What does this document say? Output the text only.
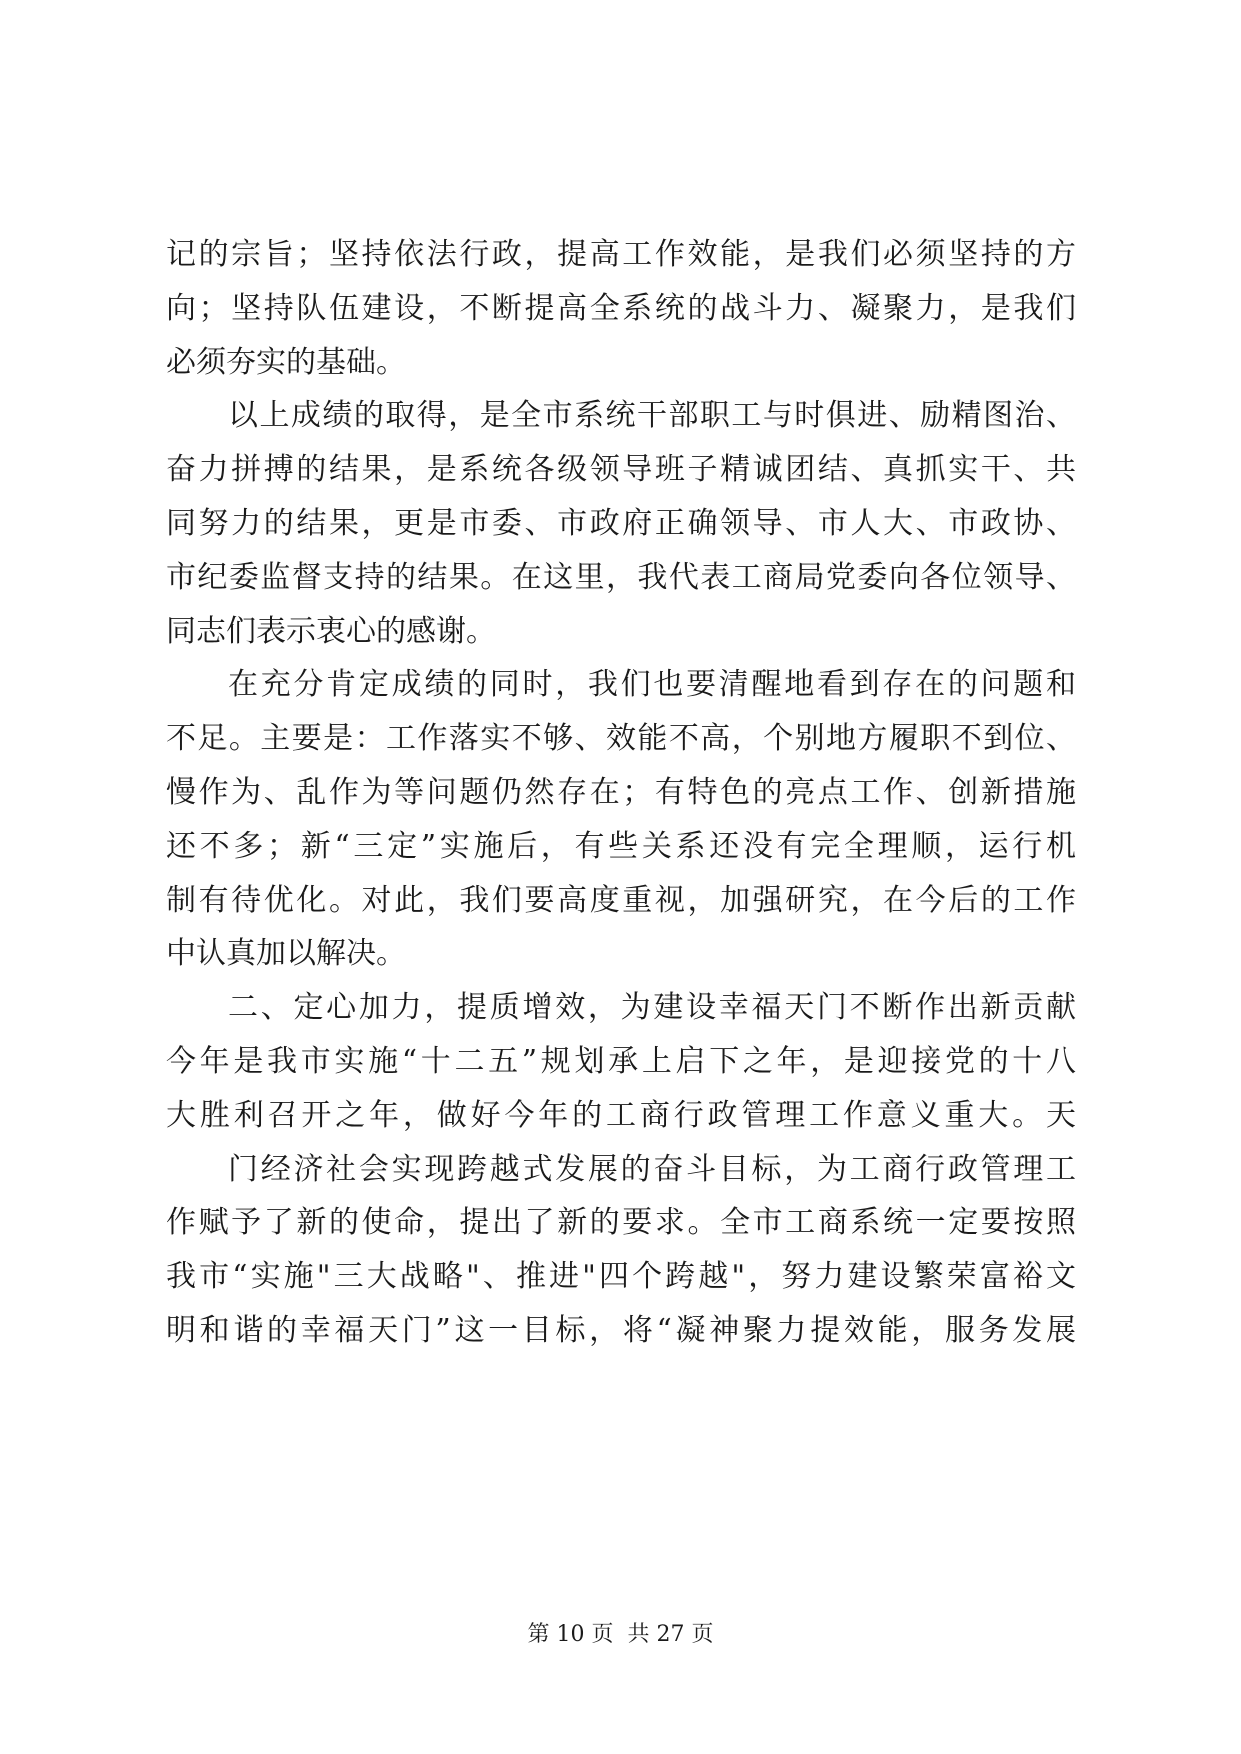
记的宗旨；坚持依法行政，提高工作效能，是我们必须坚持的方
向；坚持队伍建设，不断提高全系统的战斗力、凝聚力，是我们
必须夯实的基础。
以上成绩的取得，是全市系统干部职工与时俱进、励精图治、
奋力拼搏的结果，是系统各级领导班子精诚团结、真抓实干、共
同努力的结果，更是市委、市政府正确领导、市人大、市政协、
市纪委监督支持的结果。在这里，我代表工商局党委向各位领导、
同志们表示衷心的感谢。
在充分肯定成绩的同时，我们也要清醒地看到存在的问题和
不足。主要是：工作落实不够、效能不高，个别地方履职不到位、
慢作为、乱作为等问题仍然存在；有特色的亮点工作、创新措施
还不多；新“三定”实施后，有些关系还没有完全理顺，运行机
制有待优化。对此，我们要高度重视，加强研究，在今后的工作
中认真加以解决。
二、定心加力，提质增效，为建设幸福天门不断作出新贡献
今年是我市实施“十二五”规划承上启下之年，是迎接党的十八
大胜利召开之年，做好今年的工商行政管理工作意义重大。天
门经济社会实现跨越式发展的奋斗目标，为工商行政管理工
作赋予了新的使命，提出了新的要求。全市工商系统一定要按照
我市“实施"三大战略"、推进"四个跨越"，努力建设繁荣富裕文
明和谐的幸福天门”这一目标，将“凝神聚力提效能，服务发展
第 10 页  共 27 页
